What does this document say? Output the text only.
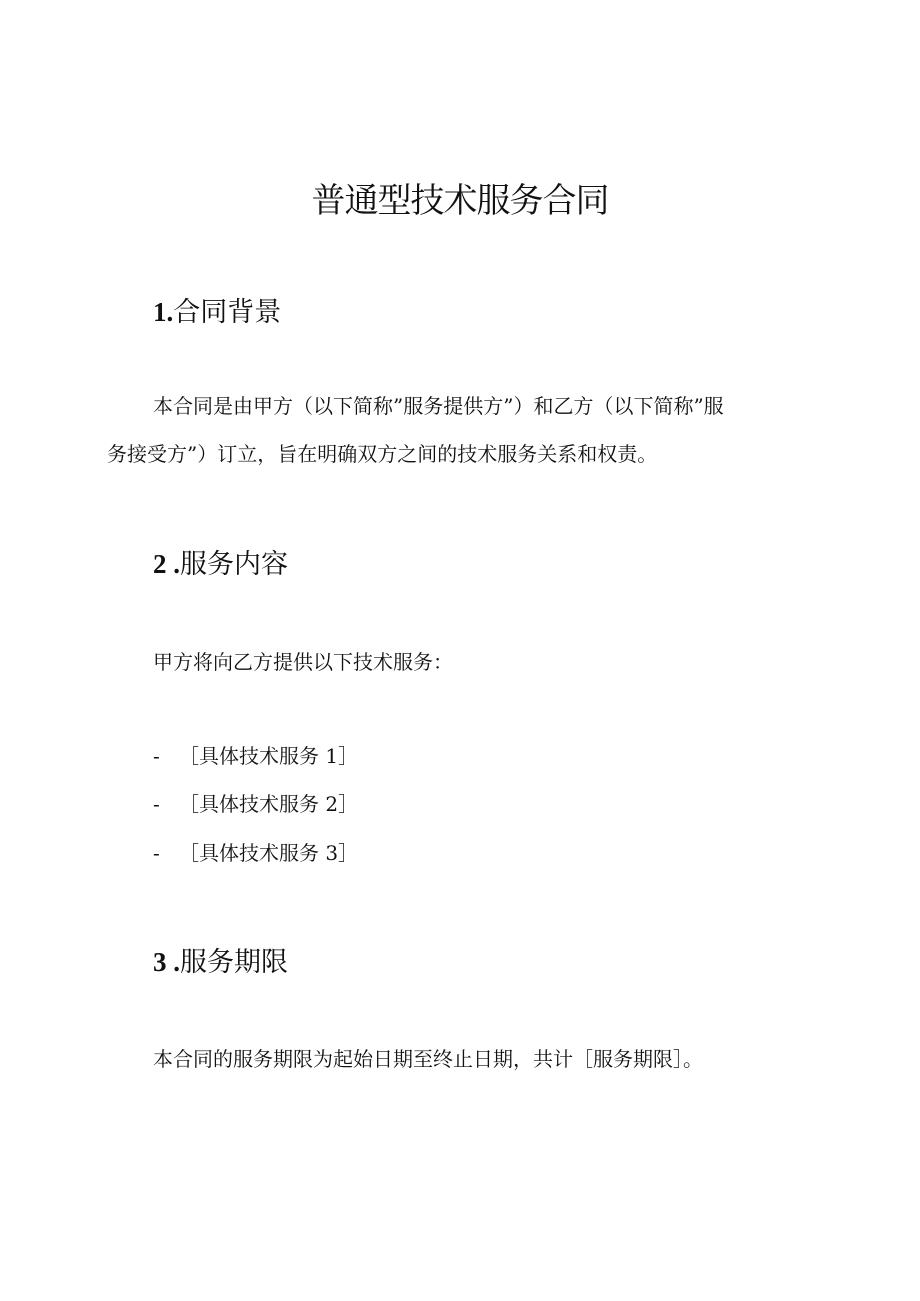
普通型技术服务合同
1.合同背景
本合同是由甲方（以下简称”服务提供方”）和乙方（以下简称”服
务接受方”）订立，旨在明确双方之间的技术服务关系和权责。
2 .服务内容
甲方将向乙方提供以下技术服务：
- ［具体技术服务 1］
- ［具体技术服务 2］
- ［具体技术服务 3］
3 .服务期限
本合同的服务期限为起始日期至终止日期，共计［服务期限］。
